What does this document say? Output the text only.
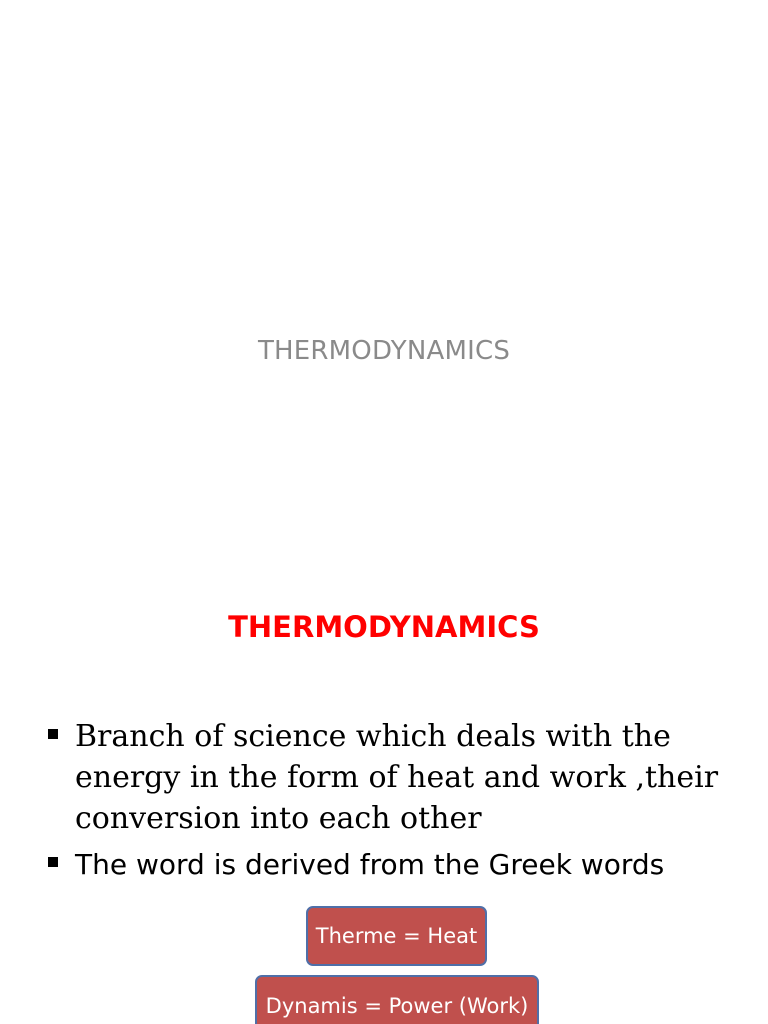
THERMODYNAMICS
THERMODYNAMICS
Branch of science which deals with the energy in the form of heat and work ,their conversion into each other
The word is derived from the Greek words
Therme = Heat
Dynamis = Power (Work)
